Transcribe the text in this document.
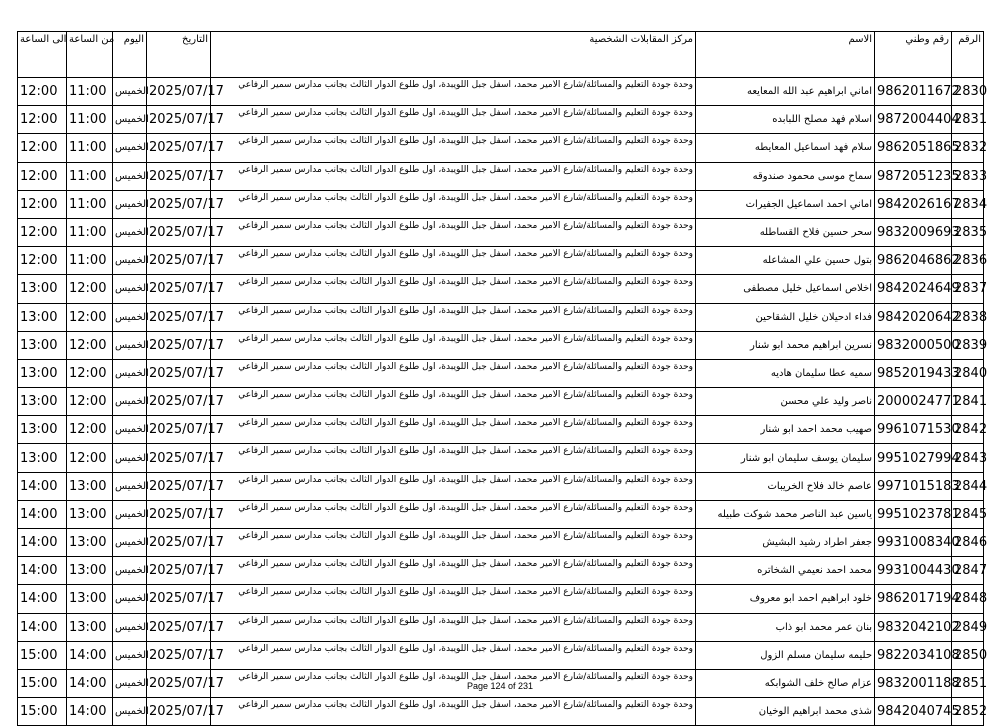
الى الساعة	من الساعة	اليوم	التاريخ	مركز المقابلات الشخصية	الاسم	رقم وطني	الرقم
12:00	11:00	الخميس	2025/07/17	وحدة جودة التعليم والمسائلة/شارع الامير محمد، اسفل جبل اللويبدة، اول طلوع الدوار الثالث بجانب مدارس سمير الرفاعي	اماني ابراهيم عبد الله المعايعه	9862011672	2830
12:00	11:00	الخميس	2025/07/17	وحدة جودة التعليم والمسائلة/شارع الامير محمد، اسفل جبل اللويبدة، اول طلوع الدوار الثالث بجانب مدارس سمير الرفاعي	اسلام فهد مصلح اللبابده	9872004404	2831
12:00	11:00	الخميس	2025/07/17	وحدة جودة التعليم والمسائلة/شارع الامير محمد، اسفل جبل اللويبدة، اول طلوع الدوار الثالث بجانب مدارس سمير الرفاعي	سلام فهد اسماعيل المعايطه	9862051865	2832
12:00	11:00	الخميس	2025/07/17	وحدة جودة التعليم والمسائلة/شارع الامير محمد، اسفل جبل اللويبدة، اول طلوع الدوار الثالث بجانب مدارس سمير الرفاعي	سماح موسى محمود صندوقه	9872051235	2833
12:00	11:00	الخميس	2025/07/17	وحدة جودة التعليم والمسائلة/شارع الامير محمد، اسفل جبل اللويبدة، اول طلوع الدوار الثالث بجانب مدارس سمير الرفاعي	اماني احمد اسماعيل الجفيرات	9842026167	2834
12:00	11:00	الخميس	2025/07/17	وحدة جودة التعليم والمسائلة/شارع الامير محمد، اسفل جبل اللويبدة، اول طلوع الدوار الثالث بجانب مدارس سمير الرفاعي	سحر حسين فلاح القساطله	9832009693	2835
12:00	11:00	الخميس	2025/07/17	وحدة جودة التعليم والمسائلة/شارع الامير محمد، اسفل جبل اللويبدة، اول طلوع الدوار الثالث بجانب مدارس سمير الرفاعي	بتول حسين علي المشاعله	9862046862	2836
13:00	12:00	الخميس	2025/07/17	وحدة جودة التعليم والمسائلة/شارع الامير محمد، اسفل جبل اللويبدة، اول طلوع الدوار الثالث بجانب مدارس سمير الرفاعي	اخلاص اسماعيل خليل مصطفى	9842024649	2837
13:00	12:00	الخميس	2025/07/17	وحدة جودة التعليم والمسائلة/شارع الامير محمد، اسفل جبل اللويبدة، اول طلوع الدوار الثالث بجانب مدارس سمير الرفاعي	فداء ادحيلان خليل الشقاحين	9842020642	2838
13:00	12:00	الخميس	2025/07/17	وحدة جودة التعليم والمسائلة/شارع الامير محمد، اسفل جبل اللويبدة، اول طلوع الدوار الثالث بجانب مدارس سمير الرفاعي	نسرين ابراهيم محمد ابو شنار	9832000500	2839
13:00	12:00	الخميس	2025/07/17	وحدة جودة التعليم والمسائلة/شارع الامير محمد، اسفل جبل اللويبدة، اول طلوع الدوار الثالث بجانب مدارس سمير الرفاعي	سميه عطا سليمان هاديه	9852019433	2840
13:00	12:00	الخميس	2025/07/17	وحدة جودة التعليم والمسائلة/شارع الامير محمد، اسفل جبل اللويبدة، اول طلوع الدوار الثالث بجانب مدارس سمير الرفاعي	ناصر وليد علي محسن	2000024771	2841
13:00	12:00	الخميس	2025/07/17	وحدة جودة التعليم والمسائلة/شارع الامير محمد، اسفل جبل اللويبدة، اول طلوع الدوار الثالث بجانب مدارس سمير الرفاعي	صهيب محمد احمد ابو شنار	9961071530	2842
13:00	12:00	الخميس	2025/07/17	وحدة جودة التعليم والمسائلة/شارع الامير محمد، اسفل جبل اللويبدة، اول طلوع الدوار الثالث بجانب مدارس سمير الرفاعي	سليمان يوسف سليمان ابو شنار	9951027994	2843
14:00	13:00	الخميس	2025/07/17	وحدة جودة التعليم والمسائلة/شارع الامير محمد، اسفل جبل اللويبدة، اول طلوع الدوار الثالث بجانب مدارس سمير الرفاعي	عاصم خالد فلاح الخريبات	9971015183	2844
14:00	13:00	الخميس	2025/07/17	وحدة جودة التعليم والمسائلة/شارع الامير محمد، اسفل جبل اللويبدة، اول طلوع الدوار الثالث بجانب مدارس سمير الرفاعي	ياسين عبد الناصر محمد شوكت طبيله	9951023781	2845
14:00	13:00	الخميس	2025/07/17	وحدة جودة التعليم والمسائلة/شارع الامير محمد، اسفل جبل اللويبدة، اول طلوع الدوار الثالث بجانب مدارس سمير الرفاعي	جعفر اطراد رشيد البشيش	9931008340	2846
14:00	13:00	الخميس	2025/07/17	وحدة جودة التعليم والمسائلة/شارع الامير محمد، اسفل جبل اللويبدة، اول طلوع الدوار الثالث بجانب مدارس سمير الرفاعي	محمد احمد نعيمي الشخاتره	9931004430	2847
14:00	13:00	الخميس	2025/07/17	وحدة جودة التعليم والمسائلة/شارع الامير محمد، اسفل جبل اللويبدة، اول طلوع الدوار الثالث بجانب مدارس سمير الرفاعي	خلود ابراهيم احمد ابو معروف	9862017194	2848
14:00	13:00	الخميس	2025/07/17	وحدة جودة التعليم والمسائلة/شارع الامير محمد، اسفل جبل اللويبدة، اول طلوع الدوار الثالث بجانب مدارس سمير الرفاعي	بنان عمر محمد ابو ذاب	9832042102	2849
15:00	14:00	الخميس	2025/07/17	وحدة جودة التعليم والمسائلة/شارع الامير محمد، اسفل جبل اللويبدة، اول طلوع الدوار الثالث بجانب مدارس سمير الرفاعي	حليمه سليمان مسلم الزول	9822034108	2850
15:00	14:00	الخميس	2025/07/17	وحدة جودة التعليم والمسائلة/شارع الامير محمد، اسفل جبل اللويبدة، اول طلوع الدوار الثالث بجانب مدارس سمير الرفاعي	عزام صالح خلف الشوابكه	9832001188	2851
15:00	14:00	الخميس	2025/07/17	وحدة جودة التعليم والمسائلة/شارع الامير محمد، اسفل جبل اللويبدة، اول طلوع الدوار الثالث بجانب مدارس سمير الرفاعي	شذى محمد ابراهيم الوخيان	9842040745	2852
Page 124 of 231
